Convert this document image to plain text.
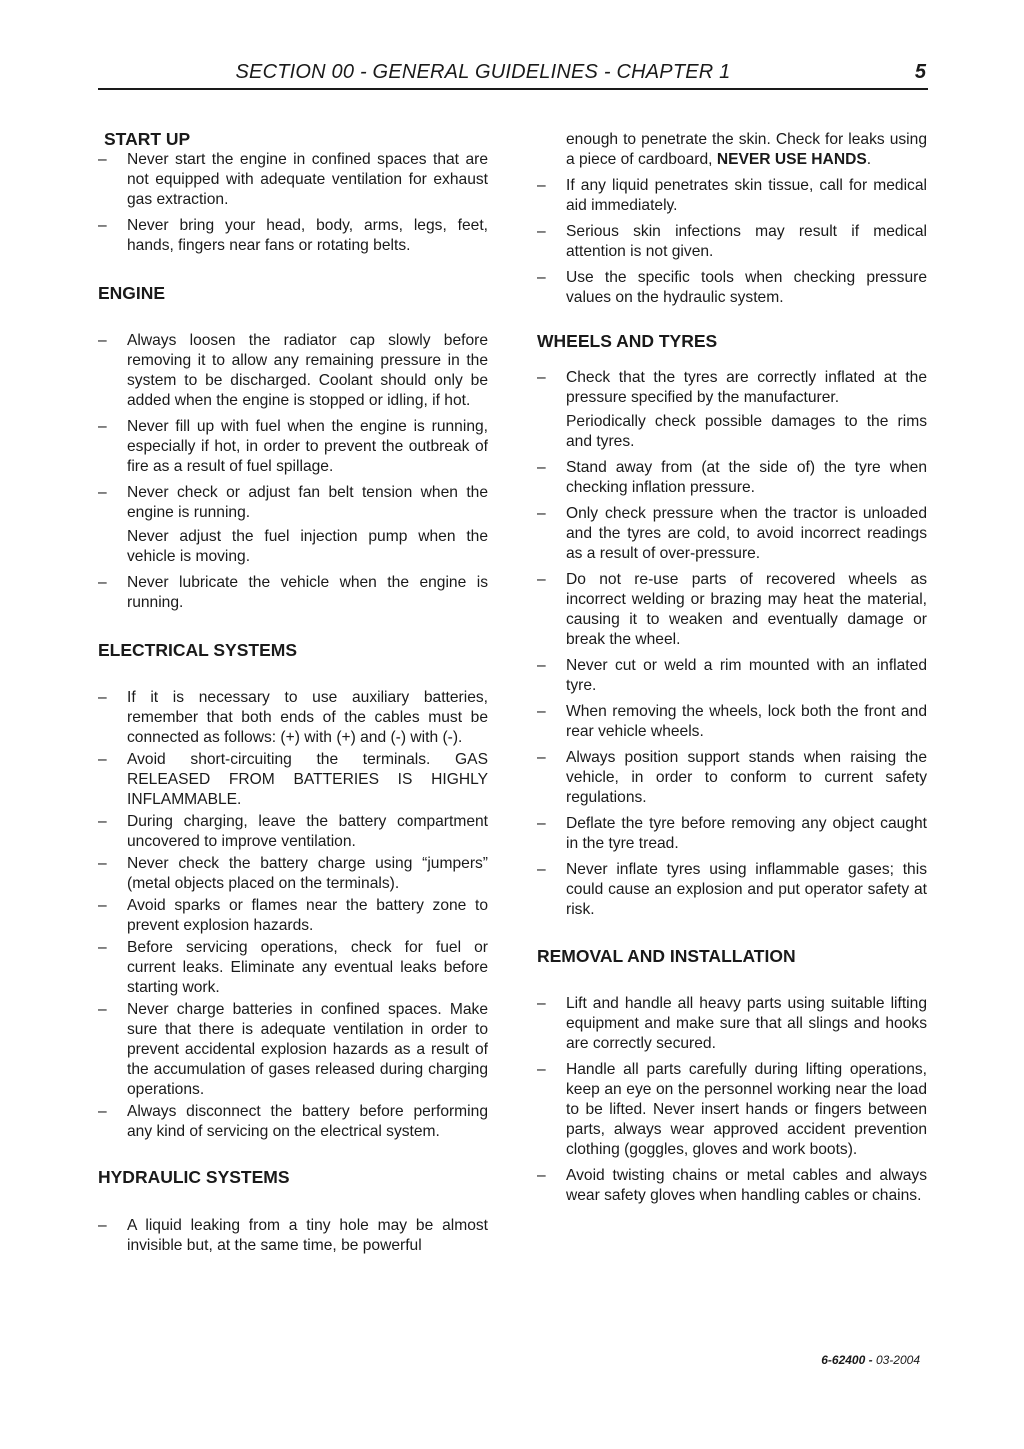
SECTION 00 - GENERAL GUIDELINES - CHAPTER 1	5
START UP
– Never start the engine in confined spaces that are not equipped with adequate ventilation for exhaust gas extraction.
– Never bring your head, body, arms, legs, feet, hands, fingers near fans or rotating belts.
ENGINE
– Always loosen the radiator cap slowly before removing it to allow any remaining pressure in the system to be discharged. Coolant should only be added when the engine is stopped or idling, if hot.
– Never fill up with fuel when the engine is running, especially if hot, in order to prevent the outbreak of fire as a result of fuel spillage.
– Never check or adjust fan belt tension when the engine is running.
Never adjust the fuel injection pump when the vehicle is moving.
– Never lubricate the vehicle when the engine is running.
ELECTRICAL SYSTEMS
– If it is necessary to use auxiliary batteries, remember that both ends of the cables must be connected as follows: (+) with (+) and (-) with (-).
– Avoid short-circuiting the terminals. GAS RELEASED FROM BATTERIES IS HIGHLY INFLAMMABLE.
– During charging, leave the battery compartment uncovered to improve ventilation.
– Never check the battery charge using “jumpers” (metal objects placed on the terminals).
– Avoid sparks or flames near the battery zone to prevent explosion hazards.
– Before servicing operations, check for fuel or current leaks. Eliminate any eventual leaks before starting work.
– Never charge batteries in confined spaces. Make sure that there is adequate ventilation in order to prevent accidental explosion hazards as a result of the accumulation of gases released during charging operations.
– Always disconnect the battery before performing any kind of servicing on the electrical system.
HYDRAULIC SYSTEMS
– A liquid leaking from a tiny hole may be almost invisible but, at the same time, be powerful

enough to penetrate the skin. Check for leaks using a piece of cardboard, NEVER USE HANDS.

– If any liquid penetrates skin tissue, call for medical aid immediately.
– Serious skin infections may result if medical attention is not given.
– Use the specific tools when checking pressure values on the hydraulic system.
WHEELS AND TYRES
– Check that the tyres are correctly inflated at the pressure specified by the manufacturer.
Periodically check possible damages to the rims and tyres.
– Stand away from (at the side of) the tyre when checking inflation pressure.
– Only check pressure when the tractor is unloaded and the tyres are cold, to avoid incorrect readings as a result of over-pressure.
– Do not re-use parts of recovered wheels as incorrect welding or brazing may heat the material, causing it to weaken and eventually damage or break the wheel.
– Never cut or weld a rim mounted with an inflated tyre.
– When removing the wheels, lock both the front and rear vehicle wheels.
– Always position support stands when raising the vehicle, in order to conform to current safety regulations.
– Deflate the tyre before removing any object caught in the tyre tread.
– Never inflate tyres using inflammable gases; this could cause an explosion and put operator safety at risk.
REMOVAL AND INSTALLATION
– Lift and handle all heavy parts using suitable lifting equipment and make sure that all slings and hooks are correctly secured.
– Handle all parts carefully during lifting operations, keep an eye on the personnel working near the load to be lifted. Never insert hands or fingers between parts, always wear approved accident prevention clothing (goggles, gloves and work boots).
– Avoid twisting chains or metal cables and always wear safety gloves when handling cables or chains.
6-62400 - 03-2004
